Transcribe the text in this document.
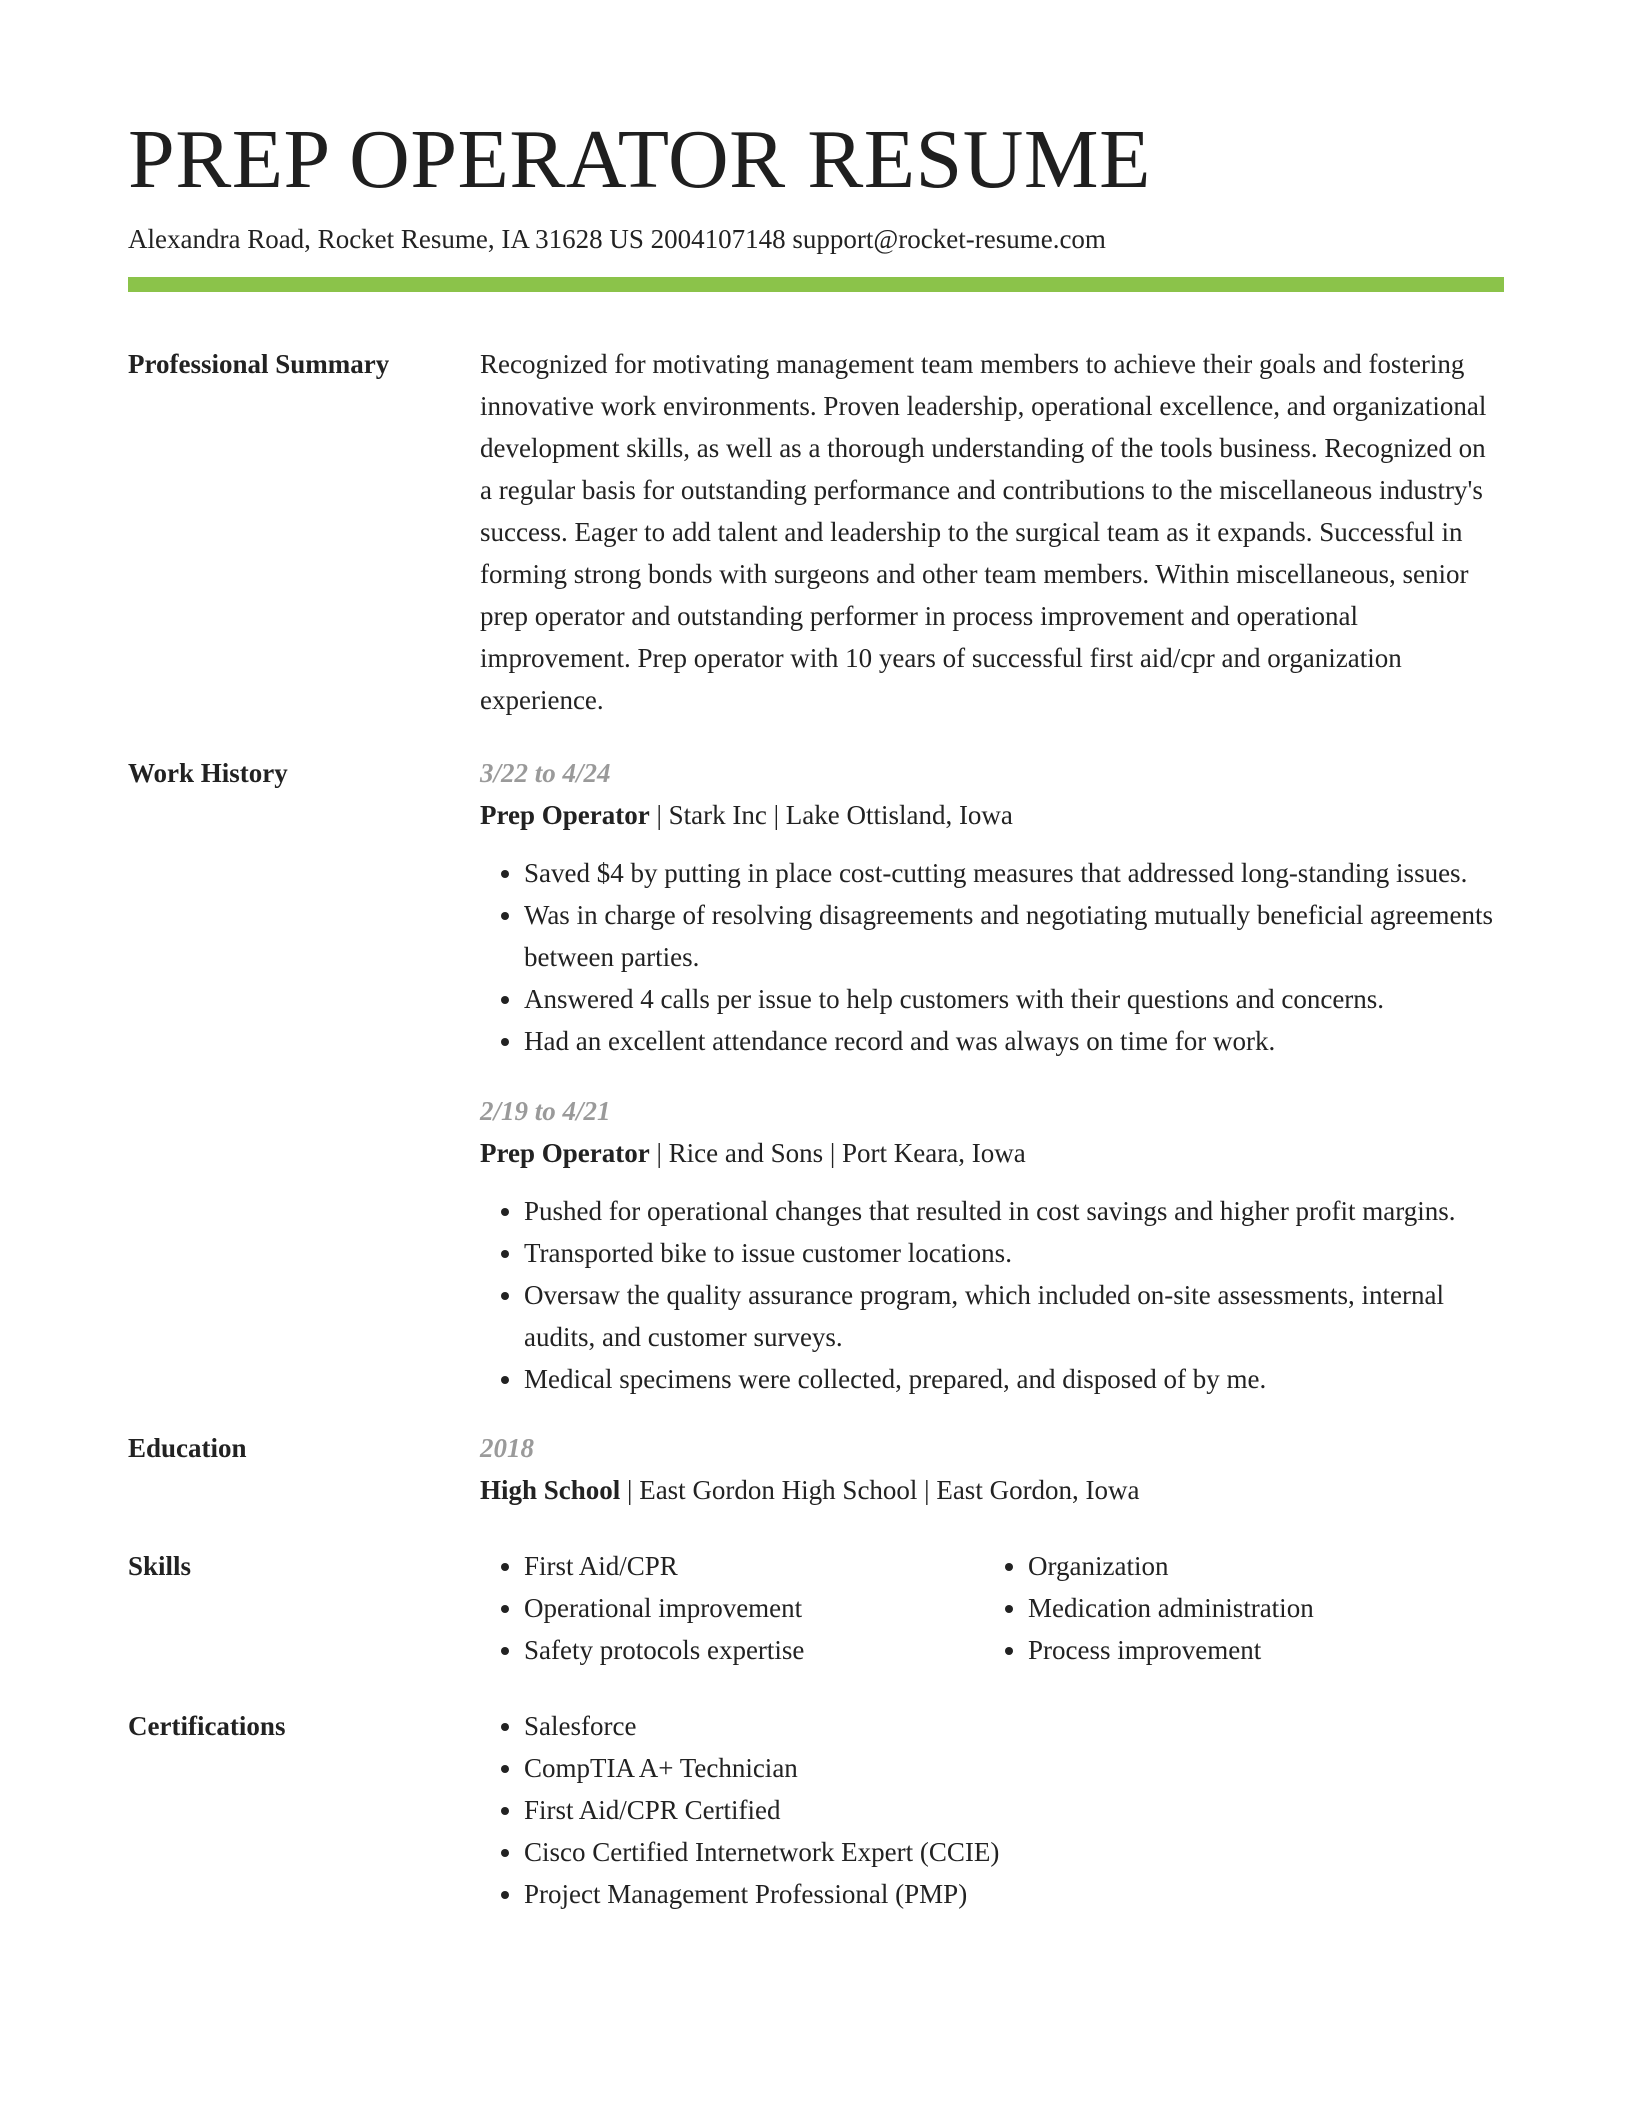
PREP OPERATOR RESUME
Alexandra Road, Rocket Resume, IA 31628 US 2004107148 support@rocket-resume.com
Professional Summary	Recognized for motivating management team members to achieve their goals and fostering innovative work environments. Proven leadership, operational excellence, and organizational development skills, as well as a thorough understanding of the tools business. Recognized on a regular basis for outstanding performance and contributions to the miscellaneous industry's success. Eager to add talent and leadership to the surgical team as it expands. Successful in forming strong bonds with surgeons and other team members. Within miscellaneous, senior prep operator and outstanding performer in process improvement and operational improvement. Prep operator with 10 years of successful first aid/cpr and organization experience.

Work History	3/22 to 4/24
Prep Operator | Stark Inc | Lake Ottisland, Iowa
• Saved $4 by putting in place cost-cutting measures that addressed long-standing issues.
• Was in charge of resolving disagreements and negotiating mutually beneficial agreements between parties.
• Answered 4 calls per issue to help customers with their questions and concerns.
• Had an excellent attendance record and was always on time for work.
2/19 to 4/21
Prep Operator | Rice and Sons | Port Keara, Iowa
• Pushed for operational changes that resulted in cost savings and higher profit margins.
• Transported bike to issue customer locations.
• Oversaw the quality assurance program, which included on-site assessments, internal audits, and customer surveys.
• Medical specimens were collected, prepared, and disposed of by me.
Education	2018
High School | East Gordon High School | East Gordon, Iowa
Skills	• First Aid/CPR
• Operational improvement
• Safety protocols expertise
• Organization
• Medication administration
• Process improvement
Certifications	• Salesforce
• CompTIA A+ Technician
• First Aid/CPR Certified
• Cisco Certified Internetwork Expert (CCIE)
• Project Management Professional (PMP)
